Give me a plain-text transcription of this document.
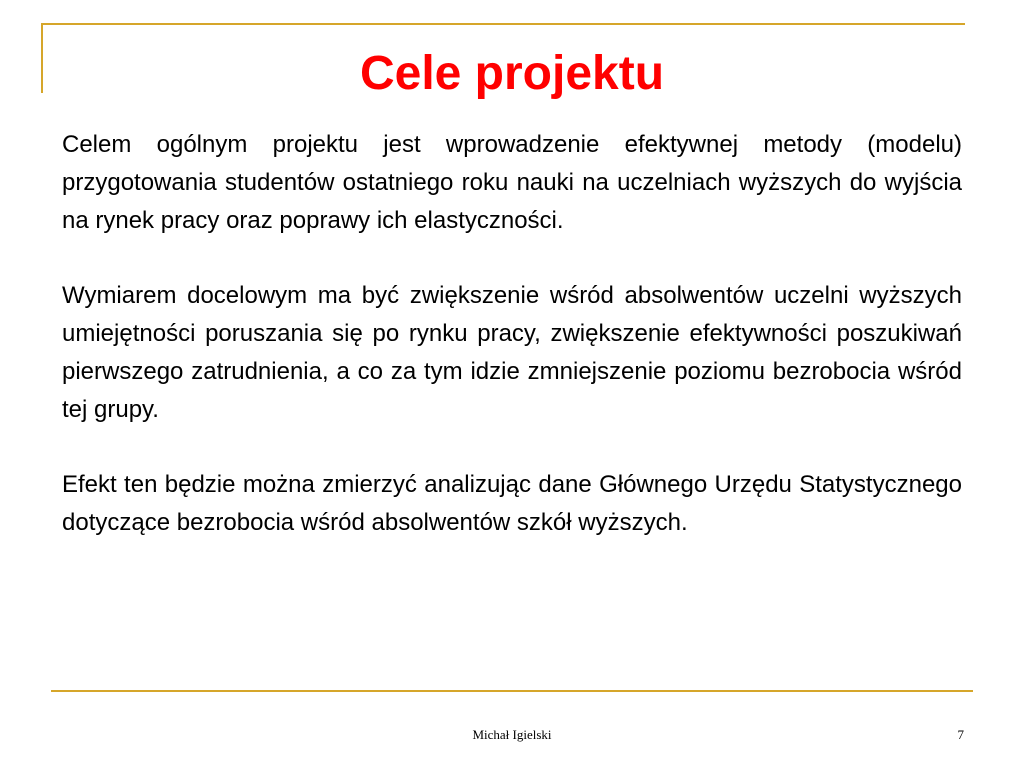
Cele projektu

Celem ogólnym projektu jest wprowadzenie efektywnej metody (modelu) przygotowania studentów ostatniego roku nauki na uczelniach wyższych do wyjścia na rynek pracy oraz poprawy ich elastyczności.

Wymiarem docelowym ma być zwiększenie wśród absolwentów uczelni wyższych umiejętności poruszania się po rynku pracy, zwiększenie efektywności poszukiwań pierwszego zatrudnienia, a co za tym idzie zmniejszenie poziomu bezrobocia wśród tej grupy.

Efekt ten będzie można zmierzyć analizując dane Głównego Urzędu Statystycznego dotyczące bezrobocia wśród absolwentów szkół wyższych.

Michał Igielski	7
